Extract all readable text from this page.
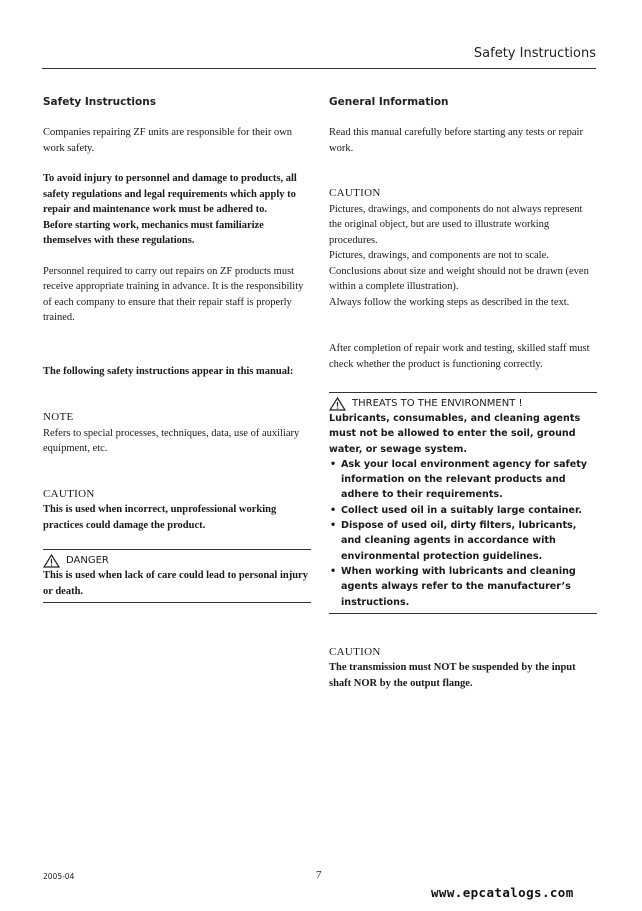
Safety Instructions
Safety Instructions

Companies repairing ZF units are responsible for their own work safety.

To avoid injury to personnel and damage to products, all safety regulations and legal requirements which apply to repair and maintenance work must be adhered to.

Before starting work, mechanics must familiarize themselves with these regulations.

Personnel required to carry out repairs on ZF products must receive appropriate training in advance. It is the responsibility of each company to ensure that their repair staff is properly trained.

The following safety instructions appear in this manual:

NOTE

Refers to special processes, techniques, data, use of auxiliary equipment, etc.

CAUTION

This is used when incorrect, unprofessional working practices could damage the product.

DANGER

This is used when lack of care could lead to personal injury or death.

General Information

Read this manual carefully before starting any tests or repair work.

CAUTION

Pictures, drawings, and components do not always represent the original object, but are used to illustrate working procedures.

Pictures, drawings, and components are not to scale. Conclusions about size and weight should not be drawn (even within a complete illustration).

Always follow the working steps as described in the text.

After completion of repair work and testing, skilled staff must check whether the product is functioning correctly.

THREATS TO THE ENVIRONMENT !

Lubricants, consumables, and cleaning agents must not be allowed to enter the soil, ground water, or sewage system.

• Ask your local environment agency for safety information on the relevant products and adhere to their requirements.
• Collect used oil in a suitably large container.
• Dispose of used oil, dirty filters, lubricants, and cleaning agents in accordance with environmental protection guidelines.
• When working with lubricants and cleaning agents always refer to the manufacturer’s instructions.

CAUTION

The transmission must NOT be suspended by the input shaft NOR by the output flange.

2005-04	7
www.epcatalogs.com
